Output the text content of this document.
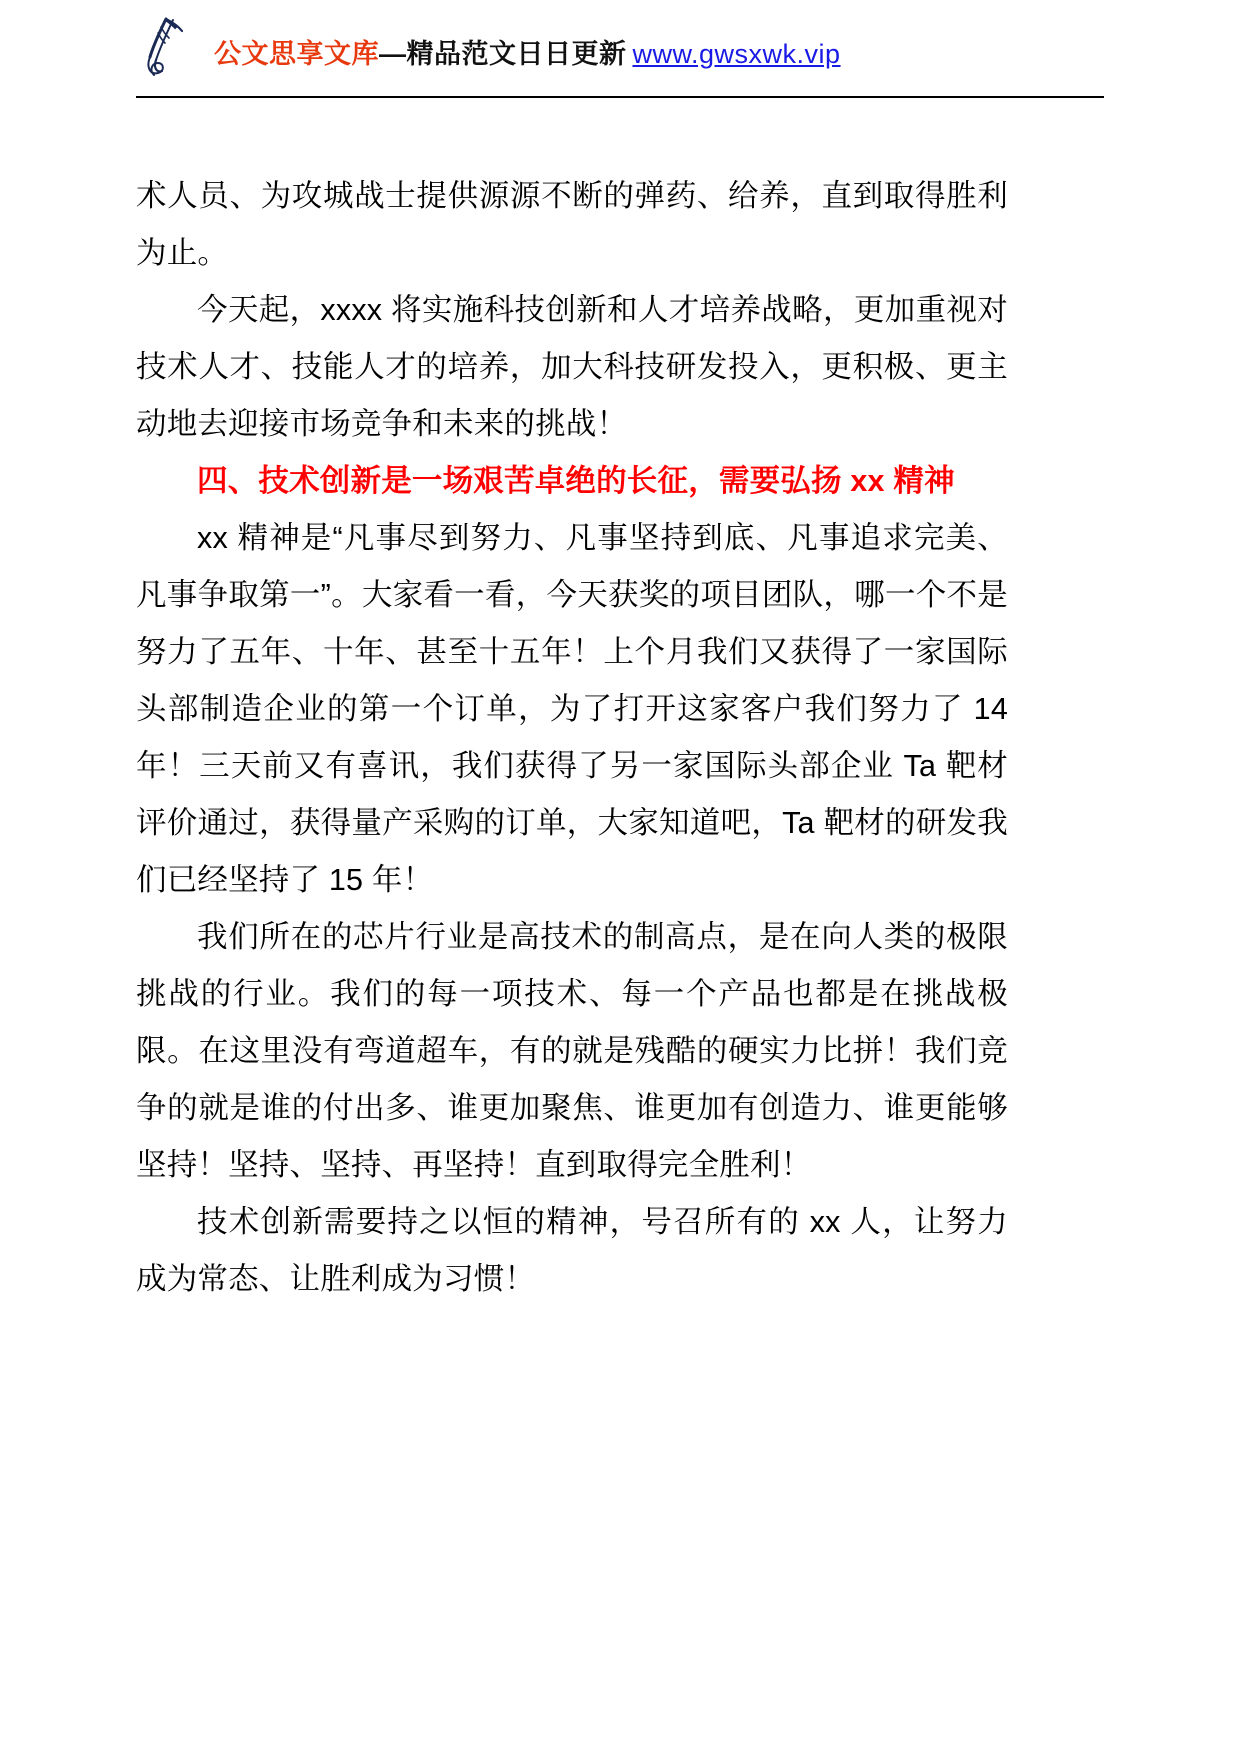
公文思享文库—精品范文日日更新 www.gwsxwk.vip

术人员、为攻城战士提供源源不断的弹药、给养，直到取得胜利为止。

今天起，xxxx 将实施科技创新和人才培养战略，更加重视对技术人才、技能人才的培养，加大科技研发投入，更积极、更主动地去迎接市场竞争和未来的挑战！

四、技术创新是一场艰苦卓绝的长征，需要弘扬 xx 精神

xx 精神是“凡事尽到努力、凡事坚持到底、凡事追求完美、凡事争取第一”。大家看一看，今天获奖的项目团队，哪一个不是努力了五年、十年、甚至十五年！上个月我们又获得了一家国际头部制造企业的第一个订单，为了打开这家客户我们努力了 14 年！三天前又有喜讯，我们获得了另一家国际头部企业 Ta 靶材评价通过，获得量产采购的订单，大家知道吧，Ta 靶材的研发我们已经坚持了 15 年！

我们所在的芯片行业是高技术的制高点，是在向人类的极限挑战的行业。我们的每一项技术、每一个产品也都是在挑战极限。在这里没有弯道超车，有的就是残酷的硬实力比拼！我们竞争的就是谁的付出多、谁更加聚焦、谁更加有创造力、谁更能够坚持！坚持、坚持、再坚持！直到取得完全胜利！

技术创新需要持之以恒的精神，号召所有的 xx 人，让努力成为常态、让胜利成为习惯！
